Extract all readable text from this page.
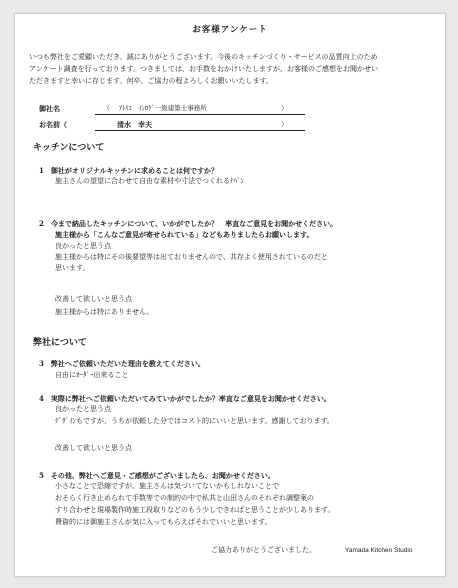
お客様アンケート
いつも弊社をご愛顧いただき、誠にありがとうございます。今後のキッチンづくり・サービスの品質向上のため
アンケート調査を行っております。つきましては、お手数をおかけいたしますが、お客様のご感想をお聞かせい
ただきますと幸いに存じます。何卒、ご協力の程よろしくお願いいたします。
御社名	（ ｱﾄﾘｴ　ｲﾝﾛｹﾞ一級建築士事務所	）
お名前（	清水　幸夫	）
キッチンについて
1　御社がオリジナルキッチンに求めることは何ですか？
施主さんの望望に合わせて自由な素材や寸法でつくれるﾅﾊﾞﾝ
2　今まで納品したキッチンについて、いかがでしたか？　率直なご意見をお聞かせください。
施主様から「こんなご意見が寄せられている」などもありましたらお願いします。
良かったと思う点
施主様からは特にその後要望等は出ておりませんので、共存よく使用されているのだと
思います。
改善して欲しいと思う点
施主様からは特にありません。
弊社について
3　弊社へご依頼いただいた理由を教えてください。
自由にｵｰﾀﾞｰ出来ること
4　実際に弊社へご依頼いただいてみていかがでしたか？率直なご意見をお聞かせください。
良かったと思う点
ﾃﾞｻﾞｲﾝもですが、うちが依頼した分ではコスト的にいいと思います。感謝しております。
改善して欲しいと思う点
5　その他、弊社へご意見・ご感想がございましたら、お聞かせください。
小さなことで恐縮ですが、施主さんは気づいてないかもしれないことで
おそらく行き止められて手数等での制約の中で私共と山田さんのそれぞれ調整案の
すり合わせと現場製作時施工段取りなどのもう少しできればと思うことが少しあります。
費資的には御施主さんが気に入ってもらえばそれでいいと思います。
ご協力ありがとうございました。	Yamada Kitchen Studio
